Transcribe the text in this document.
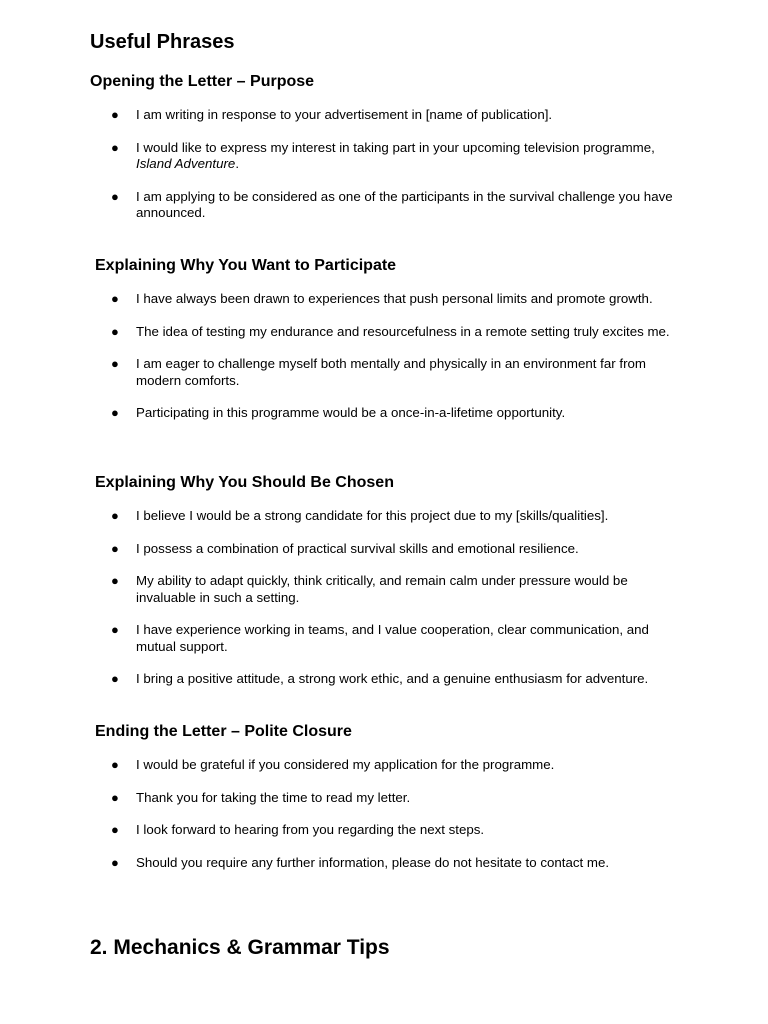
Useful Phrases
Opening the Letter – Purpose
● I am writing in response to your advertisement in [name of publication].
● I would like to express my interest in taking part in your upcoming television programme, Island Adventure.
● I am applying to be considered as one of the participants in the survival challenge you have announced.
Explaining Why You Want to Participate
● I have always been drawn to experiences that push personal limits and promote growth.
● The idea of testing my endurance and resourcefulness in a remote setting truly excites me.
● I am eager to challenge myself both mentally and physically in an environment far from modern comforts.
● Participating in this programme would be a once-in-a-lifetime opportunity.
Explaining Why You Should Be Chosen
● I believe I would be a strong candidate for this project due to my [skills/qualities].
● I possess a combination of practical survival skills and emotional resilience.
● My ability to adapt quickly, think critically, and remain calm under pressure would be invaluable in such a setting.
● I have experience working in teams, and I value cooperation, clear communication, and mutual support.
● I bring a positive attitude, a strong work ethic, and a genuine enthusiasm for adventure.
Ending the Letter – Polite Closure
● I would be grateful if you considered my application for the programme.
● Thank you for taking the time to read my letter.
● I look forward to hearing from you regarding the next steps.
● Should you require any further information, please do not hesitate to contact me.
2. Mechanics & Grammar Tips
